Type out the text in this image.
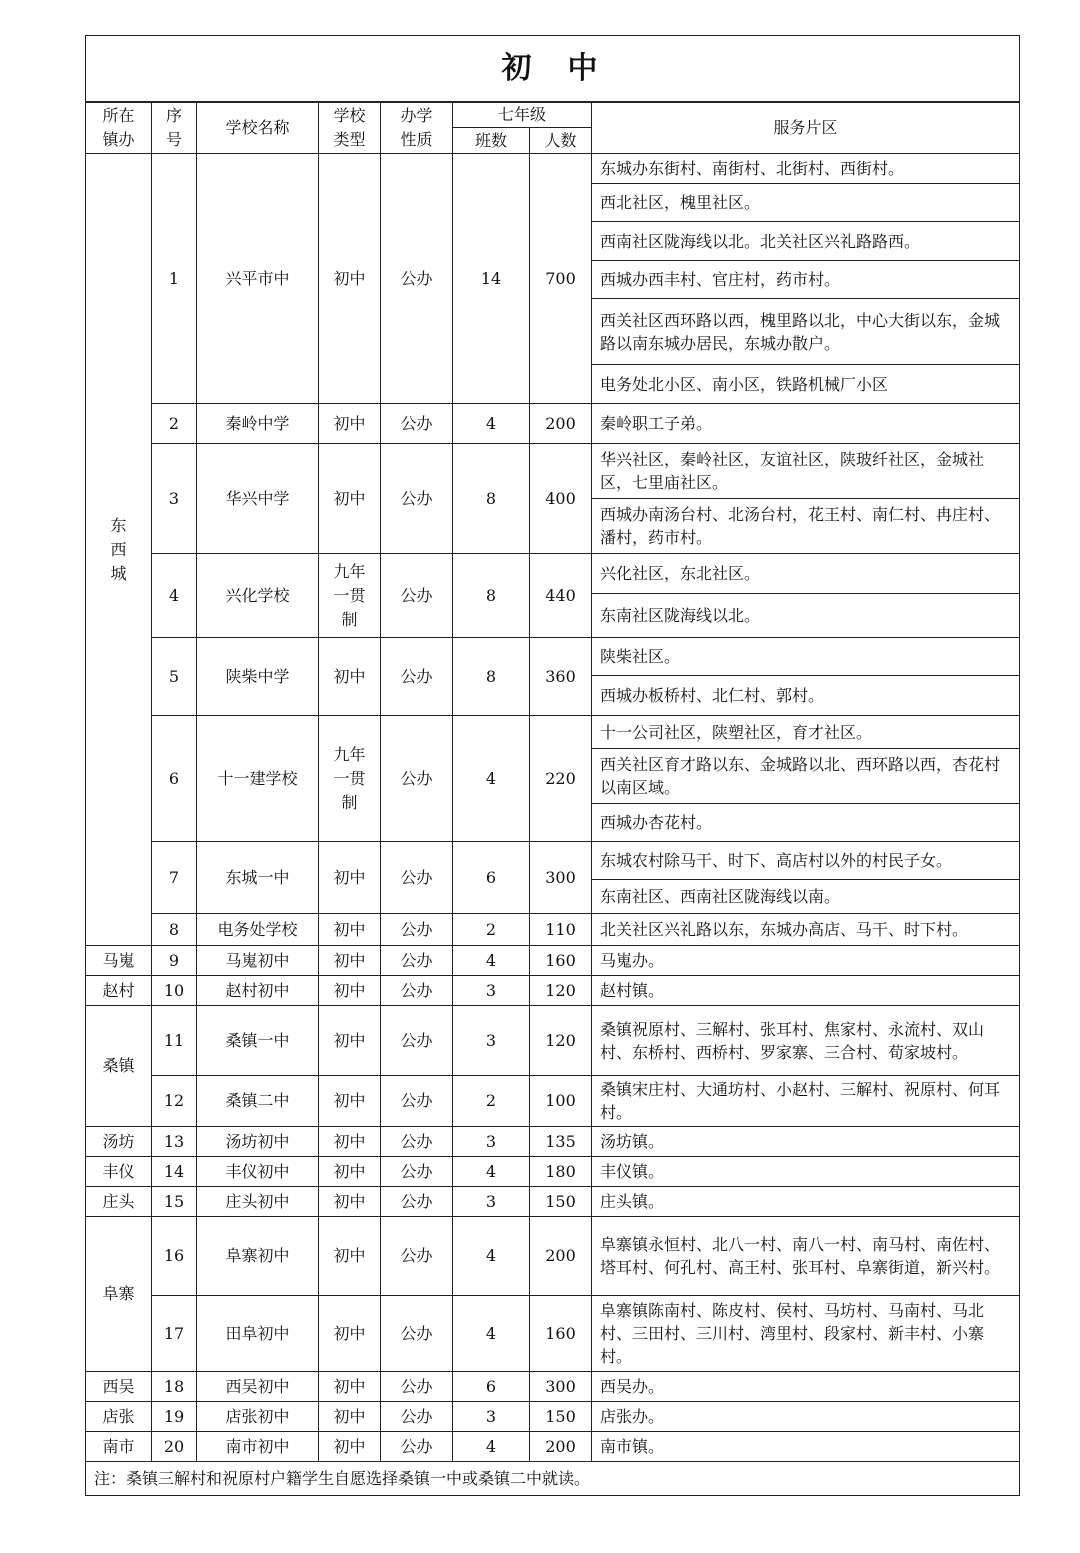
初中							

所在镇办	序号	学校名称	学校类型	办学性质	七年级		服务片区
					班数	人数	

东西城	1	兴平市中	初中	公办	14	700	东城办东街村、南街村、北街村、西街村。
							西北社区，槐里社区。
							西南社区陇海线以北。北关社区兴礼路路西。
							西城办西丰村、官庄村，药市村。
							西关社区西环路以西，槐里路以北，中心大街以东，金城路以南东城办居民，东城办散户。
							电务处北小区、南小区，铁路机械厂小区
	2	秦岭中学	初中	公办	4	200	秦岭职工子弟。
	3	华兴中学	初中	公办	8	400	华兴社区，秦岭社区，友谊社区，陕玻纤社区，金城社区，七里庙社区。
							西城办南汤台村、北汤台村，花王村、南仁村、冉庄村、潘村，药市村。
	4	兴化学校	九年一贯制	公办	8	440	兴化社区，东北社区。
							东南社区陇海线以北。
	5	陕柴中学	初中	公办	8	360	陕柴社区。
							西城办板桥村、北仁村、郭村。
	6	十一建学校	九年一贯制	公办	4	220	十一公司社区，陕塑社区，育才社区。
							西关社区育才路以东、金城路以北、西环路以西，杏花村以南区域。
							西城办杏花村。
	7	东城一中	初中	公办	6	300	东城农村除马干、时下、高店村以外的村民子女。
							东南社区、西南社区陇海线以南。
	8	电务处学校	初中	公办	2	110	北关社区兴礼路以东，东城办高店、马干、时下村。

马嵬	9	马嵬初中	初中	公办	4	160	马嵬办。

赵村	10	赵村初中	初中	公办	3	120	赵村镇。

桑镇	11	桑镇一中	初中	公办	3	120	桑镇祝原村、三解村、张耳村、焦家村、永流村、双山村、东桥村、西桥村、罗家寨、三合村、荀家坡村。
	12	桑镇二中	初中	公办	2	100	桑镇宋庄村、大通坊村、小赵村、三解村、祝原村、何耳村。

汤坊	13	汤坊初中	初中	公办	3	135	汤坊镇。

丰仪	14	丰仪初中	初中	公办	4	180	丰仪镇。

庄头	15	庄头初中	初中	公办	3	150	庄头镇。

阜寨	16	阜寨初中	初中	公办	4	200	阜寨镇永恒村、北八一村、南八一村、南马村、南佐村、塔耳村、何孔村、高王村、张耳村、阜寨街道，新兴村。
	17	田阜初中	初中	公办	4	160	阜寨镇陈南村、陈皮村、侯村、马坊村、马南村、马北村、三田村、三川村、湾里村、段家村、新丰村、小寨村。

西吴	18	西吴初中	初中	公办	6	300	西吴办。

店张	19	店张初中	初中	公办	3	150	店张办。

南市	20	南市初中	初中	公办	4	200	南市镇。
注：桑镇三解村和祝原村户籍学生自愿选择桑镇一中或桑镇二中就读。							
